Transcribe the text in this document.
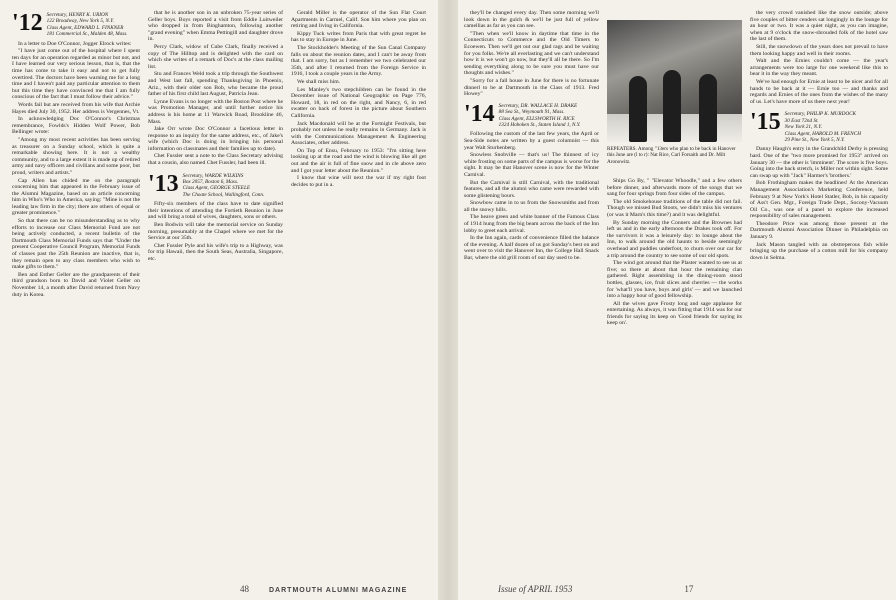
'12 Secretary, HENRY K. URION
122 Broadway, New York 5, N.Y.
Class Agent, EDWARD L. FINKNER
181 Commercial St., Malden 48, Mass.

In a letter to Doe O'Connor, Jogger Elrock writes:

"I have just come out of the hospital where I spent ten days for an operation regarded as minor but not, and I have learned our very serious lesson, that is, that the time has come to take it easy and not to get fully overtired. The doctors have been warning me for a long time and I haven't paid any particular attention to them but this time they have convinced me that I am fully conscious of the fact that I must follow their advice."

Words fail but are received from his wife that Archie Hayes died July 30, 1952. Her address is Vergennes, Vt.

In acknowledging Doc O'Connor's Christmas remembrance, Fowlds's Hidden Wolf Power, Bob Bellinger wrote:

"Among my most recent activities has been serving as treasurer on a Sunday school, which is quite a remarkable showing here. It is not a wealthy community, and to a large extent it is made up of retired army and navy officers and civilians and some poor, but proud, writers and artists."

Cap Allen has chided me on the paragraph concerning him that appeared in the February issue of the Alumni Magazine, based on an article concerning him in Who's Who in America, saying: "Mine is not the leading law firm in the city; there are others of equal or greater prominence."

So that there can be no misunderstanding as to why efforts to increase our Class Memorial Fund are not being actively conducted, a recent bulletin of the Dartmouth Class Memorial Funds says that "Under the present Cooperative Council Program, Memorial Funds of classes past the 25th Reunion are inactive, that is, they remain open to any class members who wish to make gifts to them."

Ben and Esther Geller are the grandparents of their third grandson born to David and Violet Geller on November 14, a month after David returned from Navy duty in Korea.

that he is another son in an unbroken 75-year series of Geller boys. Boys reported a visit from Eddie Luitweiler who dropped in from Binghamton, following another "grand evening" when Emma Pettingill and daughter drove in.

Percy Clark, widow of Cube Clark, finally received a copy of The Hilltop and is delighted with the card on which she writes of a remark of Doc's at the class mailing list.

Stu and Frances Weld took a trip through the Southwest and West last fall, spending Thanksgiving in Phoenix, Ariz., with their older son Bob, who became the proud father of his first child last August, Patricia Jean.

Lynne Evans is no longer with the Boston Post where he was Promotion Manager, and until further notice his address is his home at 11 Warwick Road, Brookline 46, Mass.

Jake Orr wrote Doc O'Connor a facetious letter in response to an inquiry for the same address, etc., of Jake's wife (which Doc is doing in bringing his personal information on classmates and their families up to date).

Chet Fussler sent a note to the Class Secretary advising that a cousin, also named Chet Fussler, had been ill.

'13 Secretary, WARDE WILKINS
Box 2057, Boston 6, Mass.
Class Agent, GEORGE STEELE
The Choate School, Wallingford, Conn.

Fifty-six members of the class have to date signified their intentions of attending the Fortieth Reunion in June and will bring a total of wives, daughters, sons or others.

Ben Bodwin will take the memorial service on Sunday morning, presumably at the Chapel where we met for the Service at our 35th.

Chet Fussler Pyle and his wife's trip to a Highway, was for trip Hawaii, then the South Seas, Australia, Singapore, etc.

Gerald Miller is the operator of the Sun Flat Court Apartments in Carmel, Calif. Son him where you plan on retiring and living in California.

Kippy Tuck writes from Paris that with great regret he has to stay in Europe in June.

The Stockholder's Meeting of the Sun Canal Company falls on about the reunion dates, and I can't be away from that. I am sorry, but as I remember we two celebrated our 35th, and after I returned from the Foreign Service in 1916, I took a couple years in the Army.

We shall miss him.

Les Manley's two stepchildren can be found in the December issue of National Geographic on Page 776, Howard, 18, in red on the right, and Nancy, 6, in red swatter on back of forest in the picture about Southern California.

Jack Macdonald will be at the Fortnight Festivals, but probably not unless he really remains in Germany. Jack is with the Communications Management & Engineering Associates, other address.

On Top of Ensu, February to 1953: "I'm sitting here looking up at the road and the wind is blowing like all get out and the air is full of fine snow and in cle above zero and I got your letter about the Reunion."

I know that wine will next the war if my right foot decides to put in a.

48	DARTMOUTH ALUMNI MAGAZINE

they'll be changed every day. Then some morning we'll look down in the gulch & we'll be just full of yellow camellias as far as you can see.

"Then when we'll know in daytime that time in the Connecticuts to Commerce and the Old Timers to Ecoewen. Then we'll get out our glad rags and be waiting for you folks. We're all everlasting and we can't understand how it is we won't go now, but they'll all be there. So I'm sending everything along to be sure you must have our thoughts and wishes."

"Sorry for a fall house in June for there is no fortunate dinnerl to be at Dartmouth in the Class of 1913. Fred Howey"

'14 Secretary, DR. WALLACE H. DRAKE
88 Sea St., Weymouth 91, Mass.
Class Agent, ELLSWORTH H. RICE
1324 Hoboken St., Staten Island 1, N.Y.

Following the custom of the last few years, the April or Sea-Side notes are written by a guest columnist — this year Walt Sturbenberg.

Snowless Snobville — that's us! The thinnest of icy white frosting on some parts of the campus is worse for the sight. It may be that Hanover scene is now for the Winter Carnival.

But the Carnival is still Carnival, with the traditional features, and all the alumni who came were rewarded with some glistening hours.

Snowbow came in to us from the Snowsmiths and from all the snowy hills.

The heave green and white banner of the Famous Class of 1914 hung from the big beam across the back of the Inn lobby to greet each arrival.

In the Inn again, cards of convenience filled the balance of the evening. A half dozen of us got Sunday's best on and went over to visit the Hanover Inn, the College Hall Snack Bar, where the old grill room of our day used to be.

REPEATERS. Among "13ers who plan to be back in Hanover this June are (l to r): Nat Rice, Carl Forsaith and Dr. Milt Aronowitz.

Ships Go By, " "Elevator Whoodle," and a few others before dinner, and afterwards more of the songs that we sang for four springs from four sides of the campus.

The old Smokehouse traditions of the table did not fail. Though we missed Bud Stoots, we didn't miss his ventures (or was it Marn's this time?) and it was delightful.

By Sunday morning the Conners and the Brownes had left us and in the early afternoon the Drakes took off. For the survivors it was a leisurely day: to lounge about the Inn, to walk around the old haunts to beside seemingly overhead and puddles underfoot, to churn over our car for a trip around the country to see some of our old spots.

The wind got around that the Plaster wanted to see us at five; so there at about that hour the remaining clan gathered. Right assembling in the dining-room stood bottles, glasses, ice, fruit slices and cherries — the works for 'what'll you have, boys and girls' — and we launched into a happy hour of good fellowship.

All the wives gave Frosty long and sage applause for entertaining. As always, it was fitting that 1914 was for our friends for saying its keep on 'Good friends for saying its keep on'.

the very crowd vanished like the snow outside; above five couples of bitter cenders sat longingly in the lounge for an hour or two. It was a quiet night, as you can imagine, when at 9 o'clock the snow-shrouded folk of the hotel saw the last of them.

Still, the snowdown of the years does not prevail to have them looking happy and well in their rooms.

Walt and the Ernies couldn't come — the year's arrangements were too large for one weekend like this to bear it in the way they meant.

We've had enough for Ernie at least to be nicer and for all hands to be back at it — Ernie too — and thanks and regards and Ernies of the ones from the wishes of the many of us. Let's have more of us there next year!

'15 Secretary, PHILIP K. MURDOCK
30 East 72nd St.
New York 21, N.Y.
Class Agent, HAROLD M. FRENCH
29 Pine St., New York 5, N.Y.

Danny Haugh's entry in the Grandchild Derby is pressing hard. One of the "two more promised for 1953" arrived on January 30 — the other is 'imminent'. The score is five boys. Going into the back stretch, is Miller not within sight. Some can swap up with "Jack" Harmer's 'brothers.'

Bob Frothingham makes the headlines! At the American Management Association's Marketing Conference, held February 9 at New York's Hotel Statler, Bob, in his capacity of Ass't Gen. Mgr., Foreign Trade Dept., Socony-Vacuum Oil Co., was one of a panel to explore the increased responsibility of sales management.

Theodore Price was among those present at the Dartmouth Alumni Association Dinner in Philadelphia on January 9.

Jack Mason tangled with an obstreperous fish while bringing up the purchase of a cotton mill for his company down in Selma.

Issue of APRIL 1953	17
